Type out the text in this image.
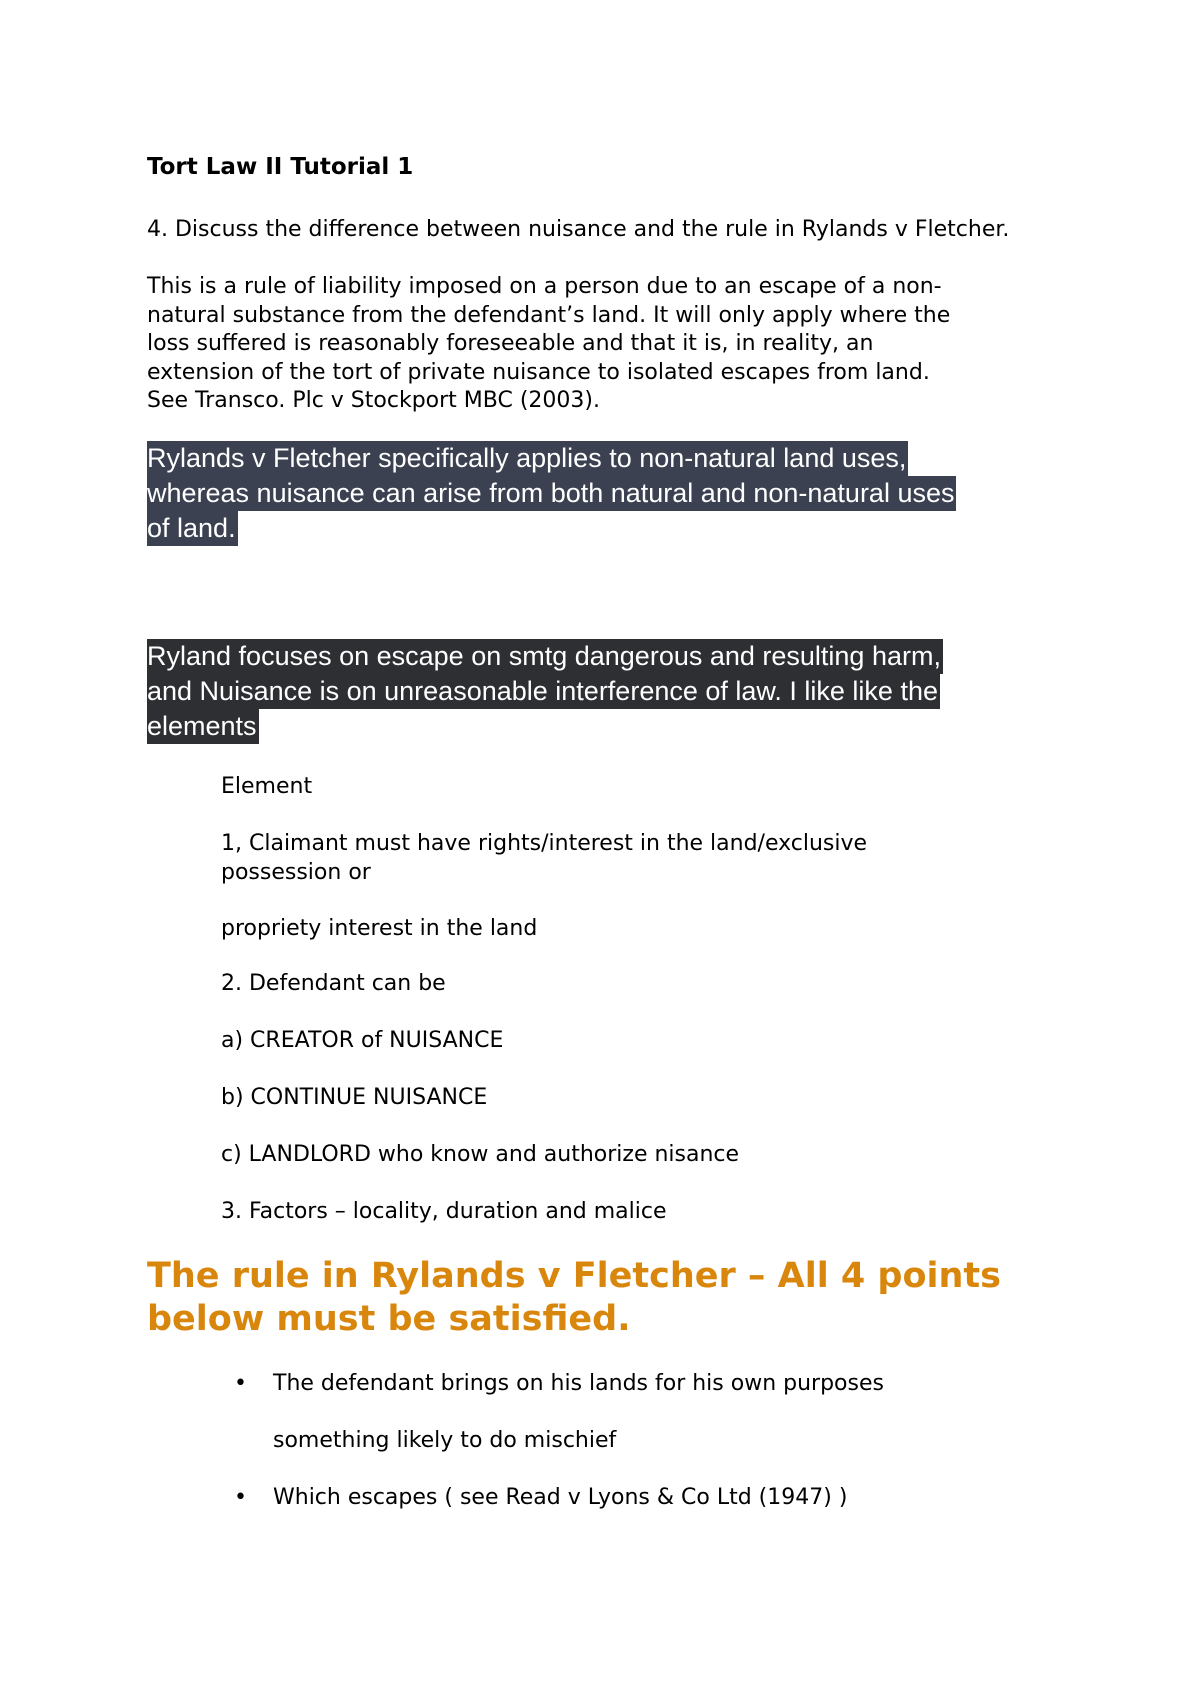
Tort Law II Tutorial 1

4. Discuss the difference between nuisance and the rule in Rylands v Fletcher.

This is a rule of liability imposed on a person due to an escape of a non-
natural substance from the defendant’s land. It will only apply where the
loss suffered is reasonably foreseeable and that it is, in reality, an
extension of the tort of private nuisance to isolated escapes from land.
See Transco. Plc v Stockport MBC (2003).

Rylands v Fletcher specifically applies to non-natural land uses,
whereas nuisance can arise from both natural and non-natural uses
of land.
Ryland focuses on escape on smtg dangerous and resulting harm,
and Nuisance is on unreasonable interference of law. I like like the
elements

Element

1, Claimant must have rights/interest in the land/exclusive
possession or

propriety interest in the land

2. Defendant can be

a) CREATOR of NUISANCE

b) CONTINUE NUISANCE

c) LANDLORD who know and authorize nisance

3. Factors – locality, duration and malice

The rule in Rylands v Fletcher – All 4 points
below must be satisfied.
• The defendant brings on his lands for his own purposes
something likely to do mischief
• Which escapes ( see Read v Lyons & Co Ltd (1947) )
